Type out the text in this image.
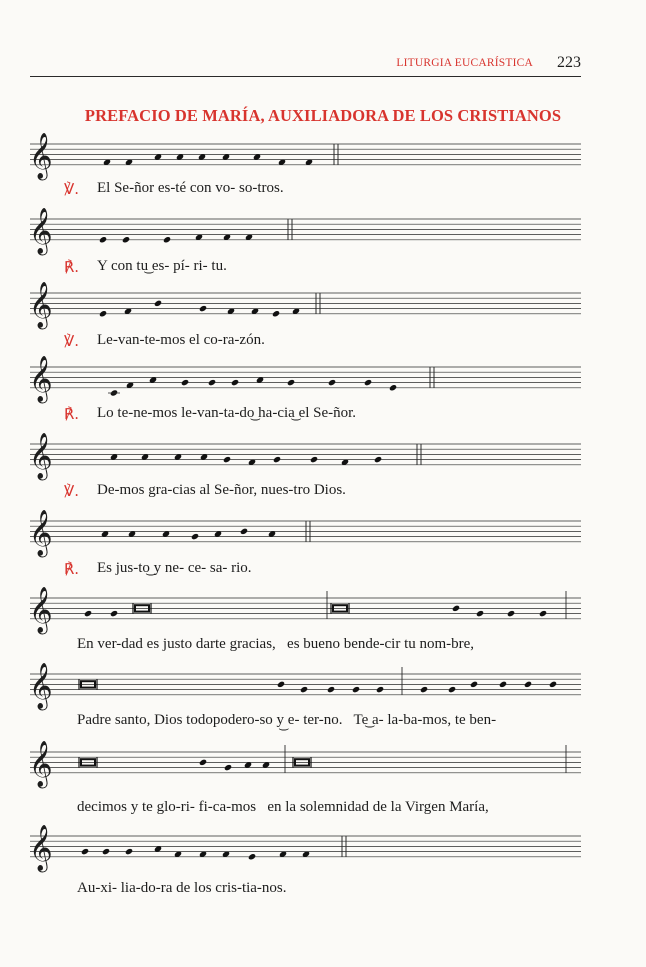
LITURGIA EUCARÍSTICA 223
PREFACIO DE MARÍA, AUXILIADORA DE LOS CRISTIANOS
𝄞
𝄞
𝄞
𝄞
𝄞
𝄞
𝄞
𝄞
𝄞
𝄞
℣. El Se-ñor es-té con vo- so-tros.
℟. Y con tu͜ es- pí- ri- tu.
℣. Le-van-te-mos el co-ra-zón.
℟. Lo te-ne-mos le-van-ta-do͜ ha-cia͜ el Se-ñor.
℣. De-mos gra-cias al Se-ñor, nues-tro Dios.
℟. Es jus-to͜ y ne- ce- sa- rio.
En ver-dad es justo darte gracias,   es bueno bende-cir tu nom-bre,
Padre santo, Dios todopodero-so y͜ e- ter-no.   Te͜ a- la-ba-mos, te ben-
decimos y te glo-ri- fi-ca-mos   en la solemnidad de la Virgen María,
Au-xi- lia-do-ra de los cris-tia-nos.
